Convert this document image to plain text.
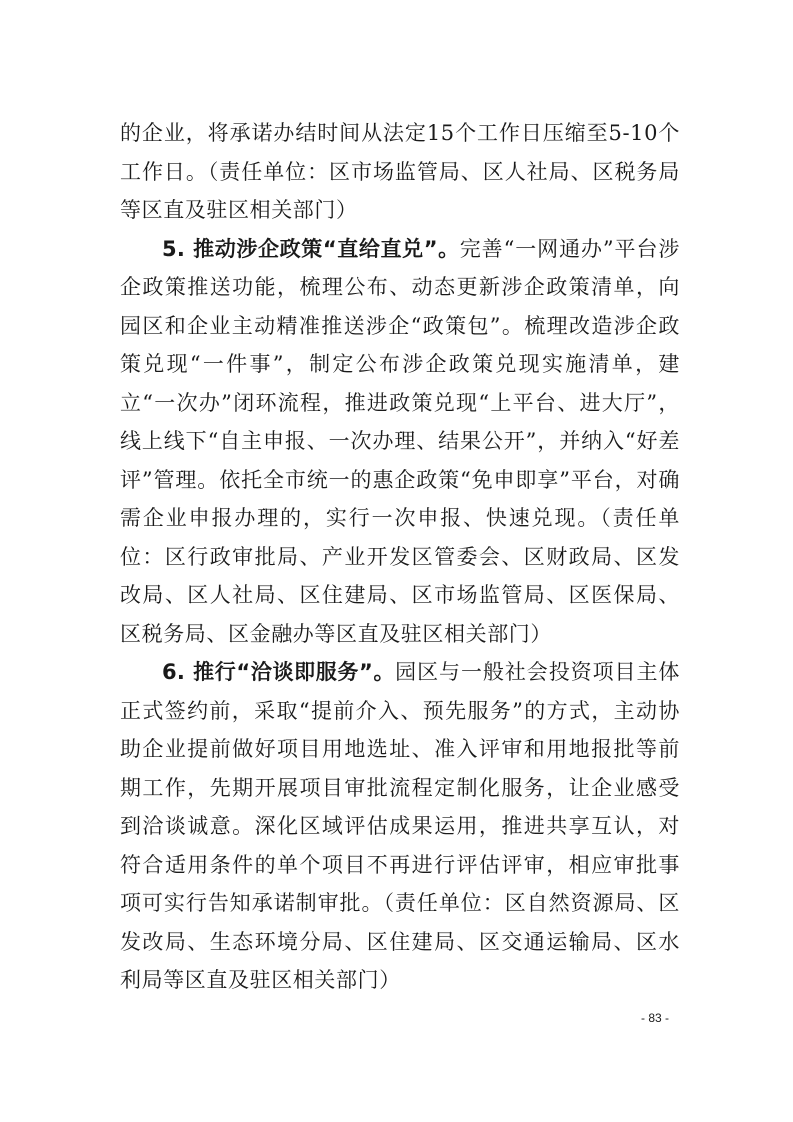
的企业，将承诺办结时间从法定15个工作日压缩至5-10个工作日。（责任单位：区市场监管局、区人社局、区税务局等区直及驻区相关部门）

5. 推动涉企政策“直给直兑”。完善“一网通办”平台涉企政策推送功能，梳理公布、动态更新涉企政策清单，向园区和企业主动精准推送涉企“政策包”。梳理改造涉企政策兑现“一件事”，制定公布涉企政策兑现实施清单，建立“一次办”闭环流程，推进政策兑现“上平台、进大厅”，线上线下“自主申报、一次办理、结果公开”，并纳入“好差评”管理。依托全市统一的惠企政策“免申即享”平台，对确需企业申报办理的，实行一次申报、快速兑现。（责任单位：区行政审批局、产业开发区管委会、区财政局、区发改局、区人社局、区住建局、区市场监管局、区医保局、区税务局、区金融办等区直及驻区相关部门）

6. 推行“洽谈即服务”。园区与一般社会投资项目主体正式签约前，采取“提前介入、预先服务”的方式，主动协助企业提前做好项目用地选址、准入评审和用地报批等前期工作，先期开展项目审批流程定制化服务，让企业感受到洽谈诚意。深化区域评估成果运用，推进共享互认，对符合适用条件的单个项目不再进行评估评审，相应审批事项可实行告知承诺制审批。（责任单位：区自然资源局、区发改局、生态环境分局、区住建局、区交通运输局、区水利局等区直及驻区相关部门）

- 83 -
